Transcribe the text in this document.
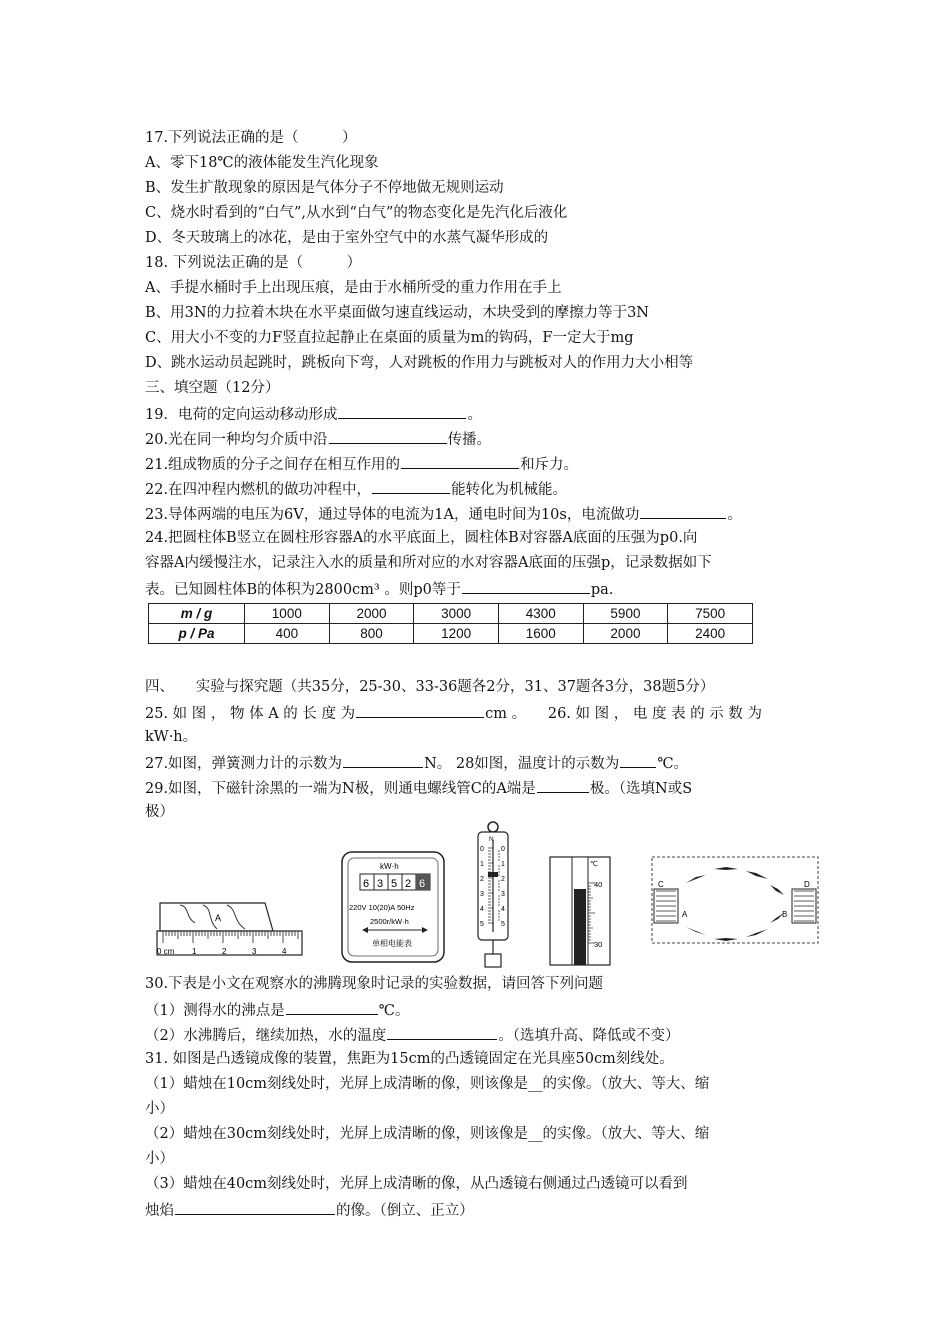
17.下列说法正确的是（　　　）
A、零下18℃的液体能发生汽化现象
B、发生扩散现象的原因是气体分子不停地做无规则运动
C、烧水时看到的“白气”,从水到“白气”的物态变化是先汽化后液化
D、冬天玻璃上的冰花，是由于室外空气中的水蒸气凝华形成的
18. 下列说法正确的是（　　　）
A、手提水桶时手上出现压痕，是由于水桶所受的重力作用在手上
B、用3N的力拉着木块在水平桌面做匀速直线运动，木块受到的摩擦力等于3N
C、用大小不变的力F竖直拉起静止在桌面的质量为m的钩码，F一定大于mg
D、跳水运动员起跳时，跳板向下弯，人对跳板的作用力与跳板对人的作用力大小相等
三、填空题（12分）
19．电荷的定向运动移动形成	。
20.光在同一种均匀介质中沿	传播。
21.组成物质的分子之间存在相互作用的	和斥力。
22.在四冲程内燃机的做功冲程中，	能转化为机械能。
23.导体两端的电压为6V，通过导体的电流为1A，通电时间为10s，电流做功	。
24.把圆柱体B竖立在圆柱形容器A的水平底面上，圆柱体B对容器A底面的压强为p0.向
容器A内缓慢注水，记录注入水的质量和所对应的水对容器A底面的压强p，记录数据如下
表。已知圆柱体B的体积为2800cm³ 。则p0等于	pa.
m / g	1000	2000	3000	4300	5900	7500
p / Pa	400	800	1200	1600	2000	2400
四、　　实验与探究题（共35分，25-30、33-36题各2分，31、37题各3分，38题5分）
25. 如 图 ， 物 体 A 的 长 度 为	cm 。　　26. 如 图 ， 电 度 表 的 示 数 为
kW·h。
27.如图，弹簧测力计的示数为	N。 28如图，温度计的示数为	℃。
29.如图，下磁针涂黑的一端为N极，则通电螺线管C的A端是	极。（选填N或S
极）
A
0 cm 1	2	3	4
kW·h
6 3 5 2 6
220V 10(20)A 50Hz
2500r/kW·h
单相电能表
N
0
1
2
3
4
5
0
1
2
3
4
5
℃
40
30
C
A	B
D
30.下表是小文在观察水的沸腾现象时记录的实验数据，请回答下列问题
（1）测得水的沸点是	℃。
（2）水沸腾后，继续加热，水的温度	。（选填升高、降低或不变）
31. 如图是凸透镜成像的装置，焦距为15cm的凸透镜固定在光具座50cm刻线处。
（1）蜡烛在10cm刻线处时，光屏上成清晰的像，则该像是__的实像。（放大、等大、缩
小）
（2）蜡烛在30cm刻线处时，光屏上成清晰的像，则该像是__的实像。（放大、等大、缩
小）
（3）蜡烛在40cm刻线处时，光屏上成清晰的像，从凸透镜右侧通过凸透镜可以看到
烛焰	的像。（倒立、正立）
